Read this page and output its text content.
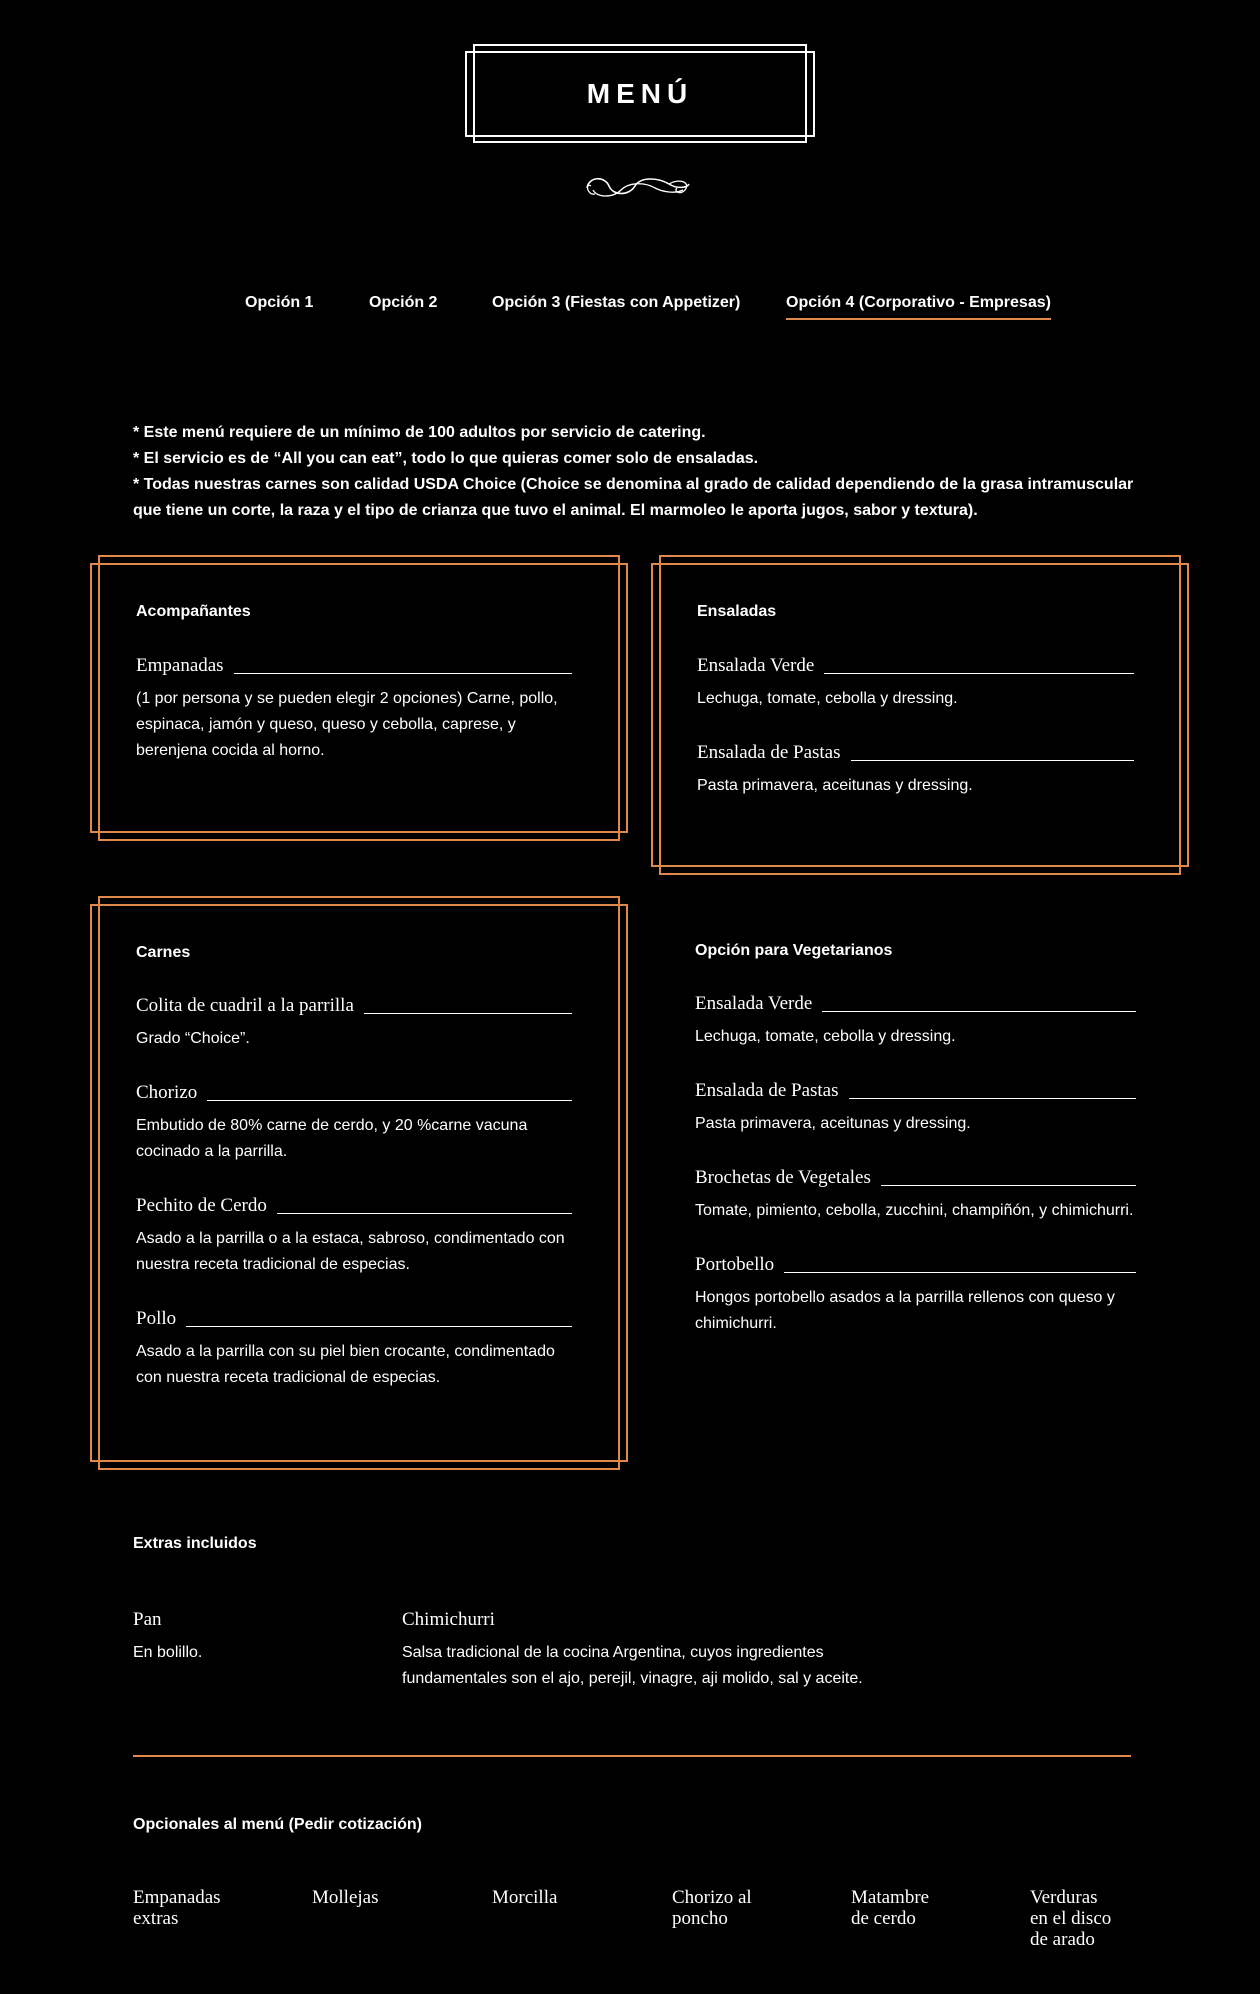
MENÚ
Opción 1	Opción 2	Opción 3 (Fiestas con Appetizer)	Opción 4 (Corporativo - Empresas)
* Este menú requiere de un mínimo de 100 adultos por servicio de catering.
* El servicio es de “All you can eat”, todo lo que quieras comer solo de ensaladas.
* Todas nuestras carnes son calidad USDA Choice (Choice se denomina al grado de calidad dependiendo de la grasa intramuscular que tiene un corte, la raza y el tipo de crianza que tuvo el animal. El marmoleo le aporta jugos, sabor y textura).
Acompañantes
Empanadas
(1 por persona y se pueden elegir 2 opciones) Carne, pollo, espinaca, jamón y queso, queso y cebolla, caprese, y berenjena cocida al horno.
Ensaladas
Ensalada Verde
Lechuga, tomate, cebolla y dressing.
Ensalada de Pastas
Pasta primavera, aceitunas y dressing.
Carnes
Colita de cuadril a la parrilla
Grado “Choice”.
Chorizo
Embutido de 80% carne de cerdo, y 20 %carne vacuna cocinado a la parrilla.
Pechito de Cerdo
Asado a la parrilla o a la estaca, sabroso, condimentado con nuestra receta tradicional de especias.
Pollo
Asado a la parrilla con su piel bien crocante, condimentado con nuestra receta tradicional de especias.
Opción para Vegetarianos
Ensalada Verde
Lechuga, tomate, cebolla y dressing.
Ensalada de Pastas
Pasta primavera, aceitunas y dressing.
Brochetas de Vegetales
Tomate, pimiento, cebolla, zucchini, champiñón, y chimichurri.
Portobello
Hongos portobello asados a la parrilla rellenos con queso y chimichurri.
Extras incluidos
Pan
En bolillo.
Chimichurri
Salsa tradicional de la cocina Argentina, cuyos ingredientes fundamentales son el ajo, perejil, vinagre, aji molido, sal y aceite.
Opcionales al menú (Pedir cotización)
Empanadas
extras
Mollejas	Morcilla	Chorizo al
poncho
Matambre
de cerdo
Verduras
en el disco
de arado
